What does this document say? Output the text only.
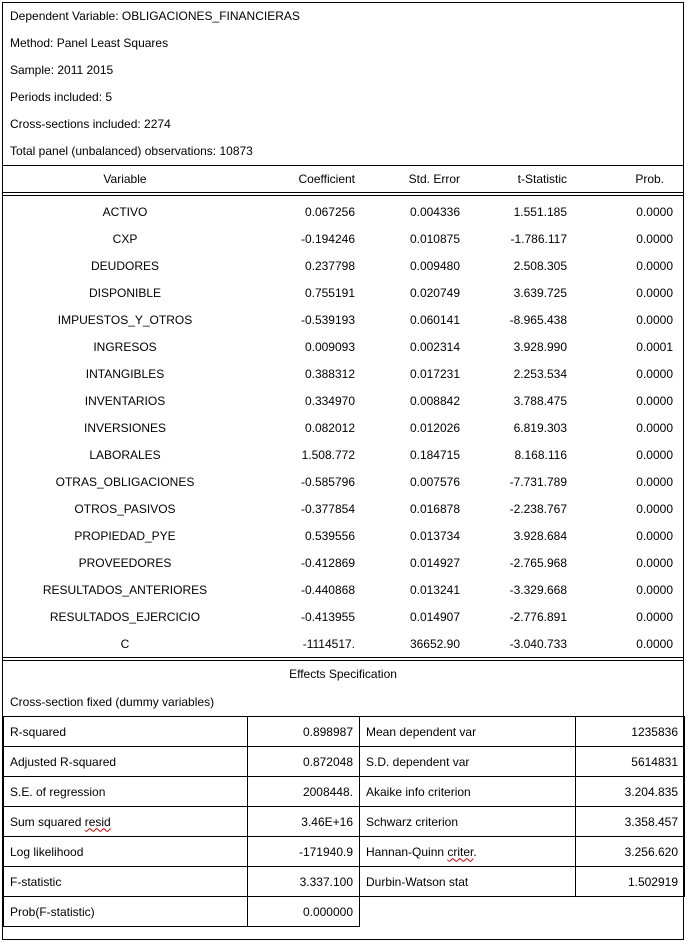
Dependent Variable: OBLIGACIONES_FINANCIERAS
Method: Panel Least Squares
Sample: 2011 2015
Periods included: 5
Cross-sections included: 2274
Total panel (unbalanced) observations: 10873
Variable	Coefficient	Std. Error	t-Statistic	Prob.
ACTIVO	0.067256	0.004336	1.551.185	0.0000
CXP	-0.194246	0.010875	-1.786.117	0.0000
DEUDORES	0.237798	0.009480	2.508.305	0.0000
DISPONIBLE	0.755191	0.020749	3.639.725	0.0000
IMPUESTOS_Y_OTROS	-0.539193	0.060141	-8.965.438	0.0000
INGRESOS	0.009093	0.002314	3.928.990	0.0001
INTANGIBLES	0.388312	0.017231	2.253.534	0.0000
INVENTARIOS	0.334970	0.008842	3.788.475	0.0000
INVERSIONES	0.082012	0.012026	6.819.303	0.0000
LABORALES	1.508.772	0.184715	8.168.116	0.0000
OTRAS_OBLIGACIONES	-0.585796	0.007576	-7.731.789	0.0000
OTROS_PASIVOS	-0.377854	0.016878	-2.238.767	0.0000
PROPIEDAD_PYE	0.539556	0.013734	3.928.684	0.0000
PROVEEDORES	-0.412869	0.014927	-2.765.968	0.0000
RESULTADOS_ANTERIORES	-0.440868	0.013241	-3.329.668	0.0000
RESULTADOS_EJERCICIO	-0.413955	0.014907	-2.776.891	0.0000
C	-1114517.	36652.90	-3.040.733	0.0000
Effects Specification
Cross-section fixed (dummy variables)
R-squared	0.898987	Mean dependent var	1235836
Adjusted R-squared	0.872048	S.D. dependent var	5614831
S.E. of regression	2008448.	Akaike info criterion	3.204.835
Sum squared resid	3.46E+16	Schwarz criterion	3.358.457
Log likelihood	-171940.9	Hannan-Quinn criter.	3.256.620
F-statistic	3.337.100	Durbin-Watson stat	1.502919
Prob(F-statistic)	0.000000		
